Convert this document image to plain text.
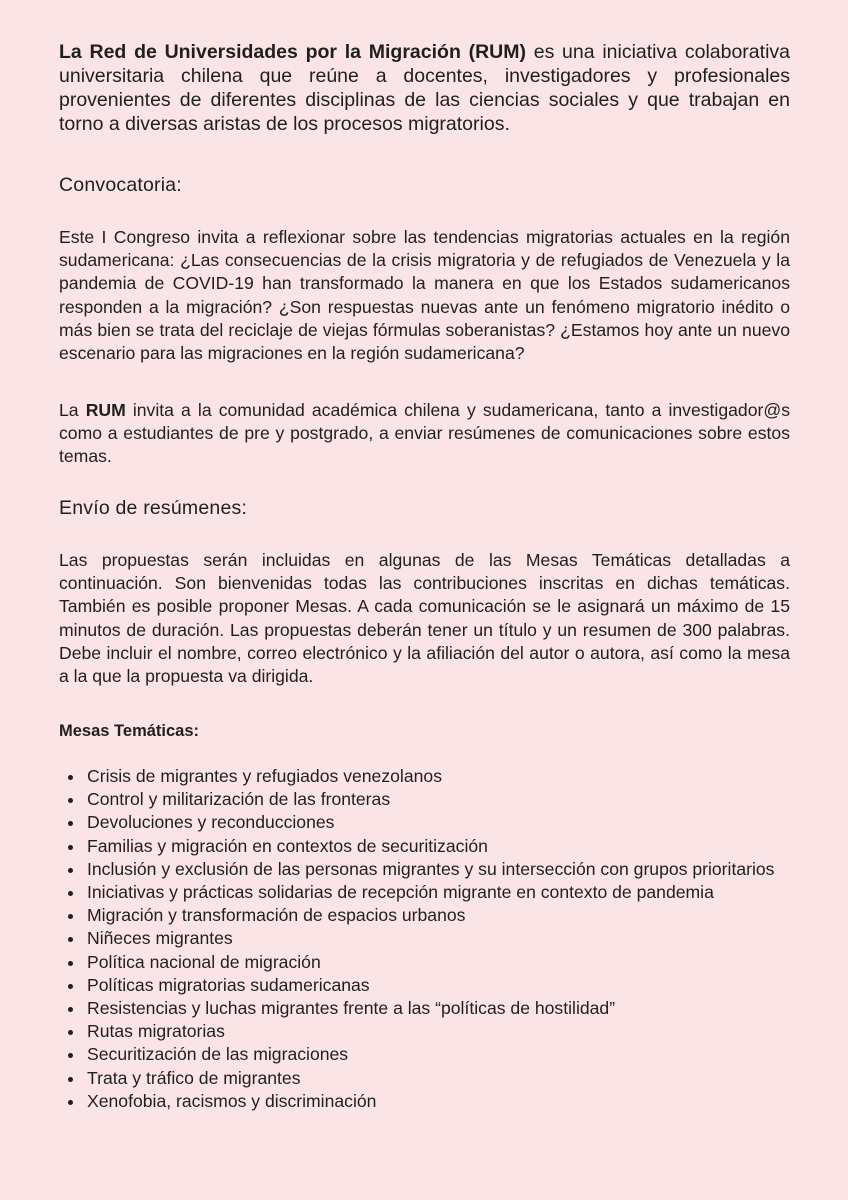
La Red de Universidades por la Migración (RUM) es una iniciativa colaborativa universitaria chilena que reúne a docentes, investigadores y profesionales provenientes de diferentes disciplinas de las ciencias sociales y que trabajan en torno a diversas aristas de los procesos migratorios.

Convocatoria:

Este I Congreso invita a reflexionar sobre las tendencias migratorias actuales en la región sudamericana: ¿Las consecuencias de la crisis migratoria y de refugiados de Venezuela y la pandemia de COVID-19 han transformado la manera en que los Estados sudamericanos responden a la migración? ¿Son respuestas nuevas ante un fenómeno migratorio inédito o más bien se trata del reciclaje de viejas fórmulas soberanistas? ¿Estamos hoy ante un nuevo escenario para las migraciones en la región sudamericana?

La RUM invita a la comunidad académica chilena y sudamericana, tanto a investigador@s como a estudiantes de pre y postgrado, a enviar resúmenes de comunicaciones sobre estos temas.

Envío de resúmenes:

Las propuestas serán incluidas en algunas de las Mesas Temáticas detalladas a continuación. Son bienvenidas todas las contribuciones inscritas en dichas temáticas. También es posible proponer Mesas. A cada comunicación se le asignará un máximo de 15 minutos de duración. Las propuestas deberán tener un título y un resumen de 300 palabras. Debe incluir el nombre, correo electrónico y la afiliación del autor o autora, así como la mesa a la que la propuesta va dirigida.

Mesas Temáticas:
• Crisis de migrantes y refugiados venezolanos
• Control y militarización de las fronteras
• Devoluciones y reconducciones
• Familias y migración en contextos de securitización
• Inclusión y exclusión de las personas migrantes y su intersección con grupos prioritarios
• Iniciativas y prácticas solidarias de recepción migrante en contexto de pandemia
• Migración y transformación de espacios urbanos
• Niñeces migrantes
• Política nacional de migración
• Políticas migratorias sudamericanas
• Resistencias y luchas migrantes frente a las “políticas de hostilidad”
• Rutas migratorias
• Securitización de las migraciones
• Trata y tráfico de migrantes
• Xenofobia, racismos y discriminación
